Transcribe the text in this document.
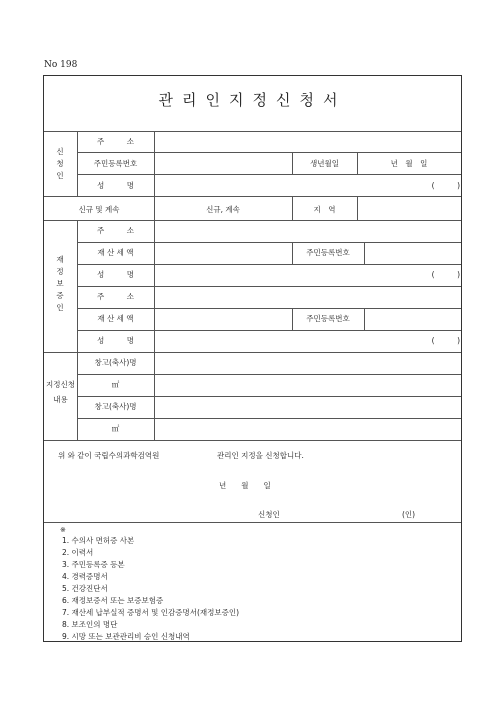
No 198
관리인지정신청서
신청인
주　　　소
주민등록번호	생년월일	년　월　일
성　　　명	(　　　)
신규 및 계속	신규, 계속	지　역
재정보증인
주　　　소
재 산 세 액	주민등록번호
성　　　명	(　　　)
주　　　소
재 산 세 액	주민등록번호
성　　　명	(　　　)
지정신청내용
창고(축사)명
㎡
창고(축사)명
㎡
위 와 같이 국립수의과학검역원	관리인 지정을 신청합니다.
년　　월　　일
신청인	(인)
※
1. 수의사 면허증 사본
2. 이력서
3. 주민등록증 등본
4. 경력증명서
5. 건강진단서
6. 재정보증서 또는 보증보험증
7. 재산세 납부실적 증명서 및 인감증명서(재정보증인)
8. 보조인의 명단
9. 시망 또는 보관관리비 승인 신청내역
